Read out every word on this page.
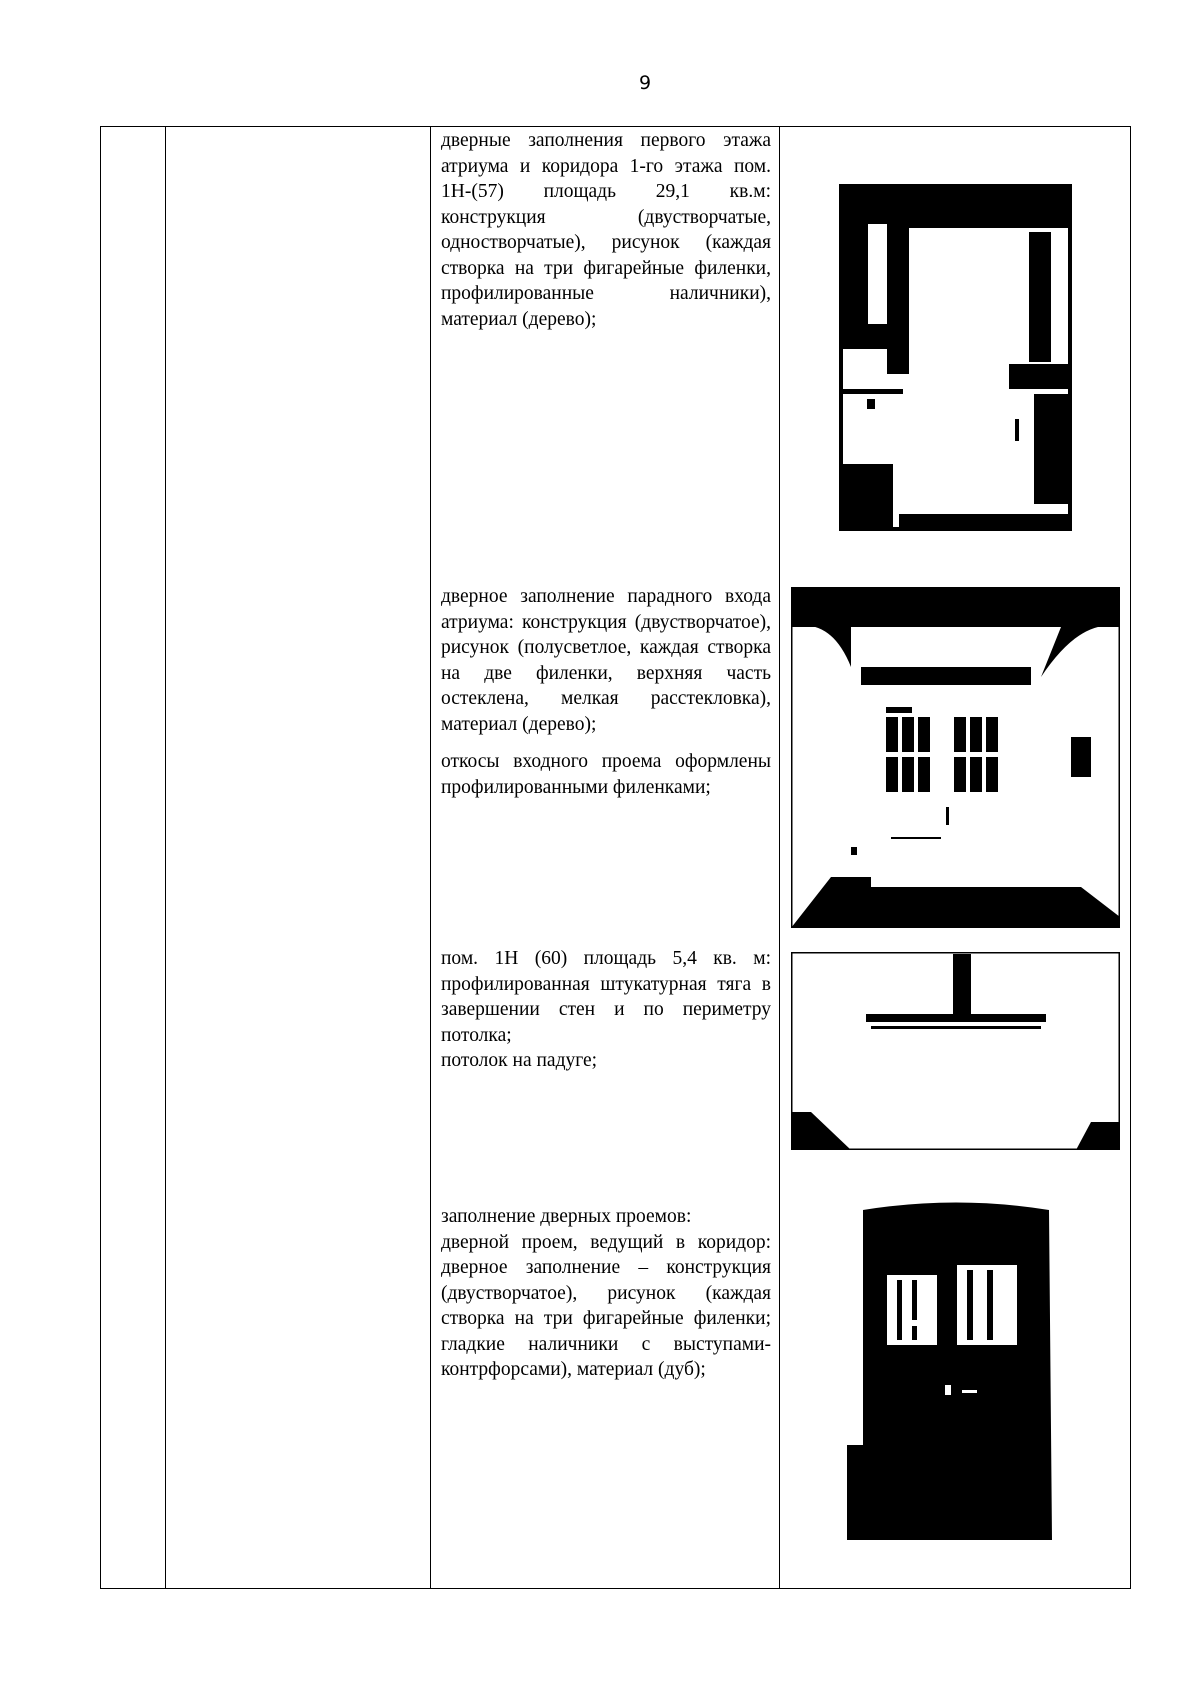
9

дверные заполнения первого этажа атриума и коридора 1-го этажа пом. 1Н-(57) площадь 29,1 кв.м: конструкция (двустворчатые, одностворчатые), рисунок (каждая створка на три фигарейные филенки, профилированные наличники), материал (дерево);

дверное заполнение парадного входа атриума: конструкция (двустворчатое), рисунок (полусветлое, каждая створка на две филенки, верхняя часть остеклена, мелкая расстекловка), материал (дерево);

откосы входного проема оформлены профилированными филенками;

пом. 1Н (60) площадь 5,4 кв. м: профилированная штукатурная тяга в завершении стен и по периметру потолка;

потолок на падуге;

заполнение дверных проемов:

дверной проем, ведущий в коридор: дверное заполнение – конструкция (двустворчатое), рисунок (каждая створка на три фигарейные филенки; гладкие наличники с выступами-контрфорсами), материал (дуб);
